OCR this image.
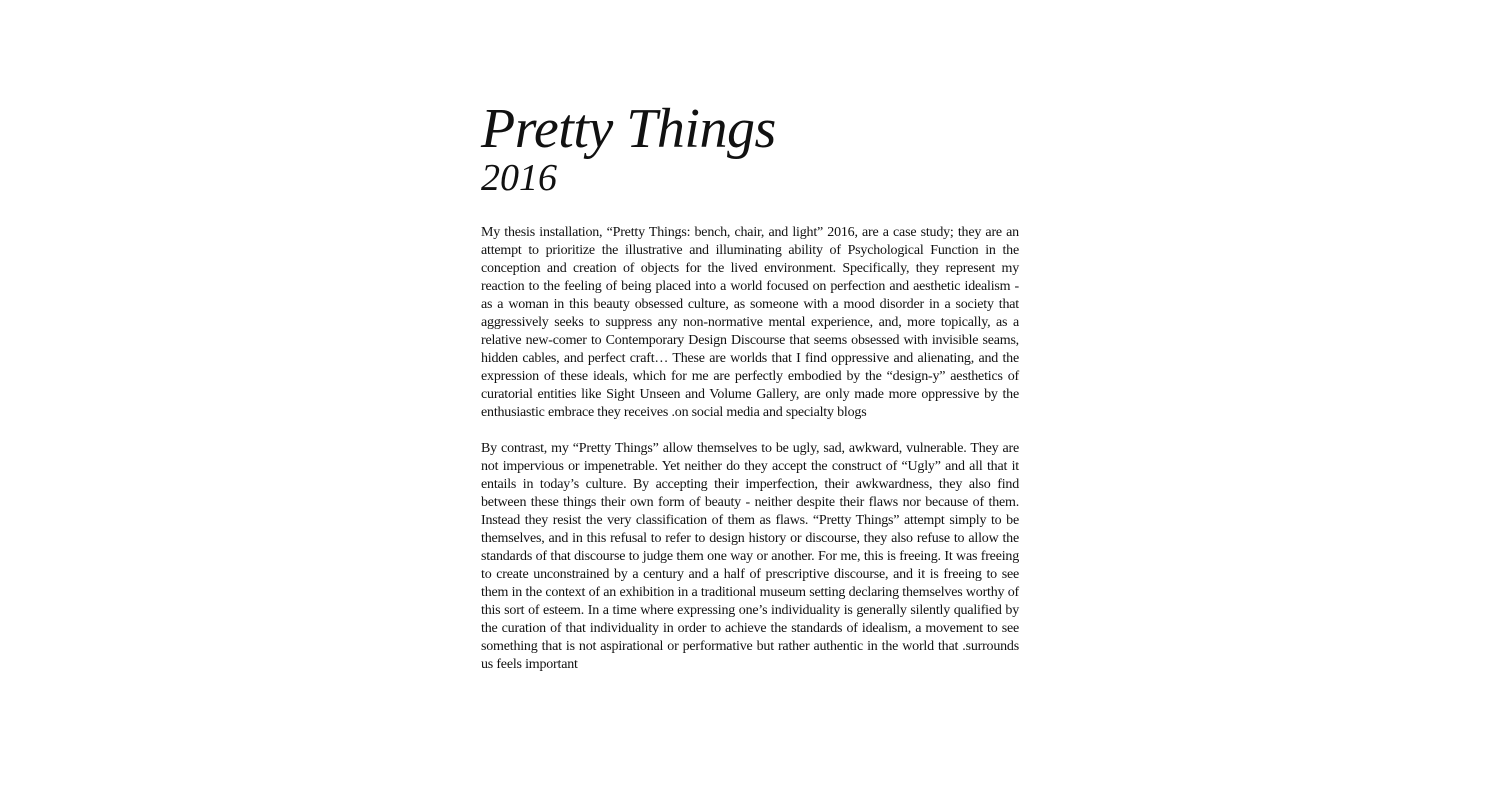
Pretty Things
2016

My thesis installation, “Pretty Things: bench, chair, and light” 2016, are a case study; they are an attempt to prioritize the illustrative and illuminating ability of Psychological Function in the conception and creation of objects for the lived environment. Specifically, they represent my reaction to the feeling of being placed into a world focused on perfection and aesthetic idealism - as a woman in this beauty obsessed culture, as someone with a mood disorder in a society that aggressively seeks to suppress any non-normative mental experience, and, more topically, as a relative new-comer to Contemporary Design Discourse that seems obsessed with invisible seams, hidden cables, and perfect craft… These are worlds that I find oppressive and alienating, and the expression of these ideals, which for me are perfectly embodied by the “design-y” aesthetics of curatorial entities like Sight Unseen and Volume Gallery, are only made more oppressive by the enthusiastic embrace they receives .on social media and specialty blogs

By contrast, my “Pretty Things” allow themselves to be ugly, sad, awkward, vulnerable. They are not impervious or impenetrable. Yet neither do they accept the construct of “Ugly” and all that it entails in today’s culture. By accepting their imperfection, their awkwardness, they also find between these things their own form of beauty - neither despite their flaws nor because of them. Instead they resist the very classification of them as flaws. “Pretty Things” attempt simply to be themselves, and in this refusal to refer to design history or discourse, they also refuse to allow the standards of that discourse to judge them one way or another. For me, this is freeing. It was freeing to create unconstrained by a century and a half of prescriptive discourse, and it is freeing to see them in the context of an exhibition in a traditional museum setting declaring themselves worthy of this sort of esteem. In a time where expressing one’s individuality is generally silently qualified by the curation of that individuality in order to achieve the standards of idealism, a movement to see something that is not aspirational or performative but rather authentic in the world that .surrounds us feels important
